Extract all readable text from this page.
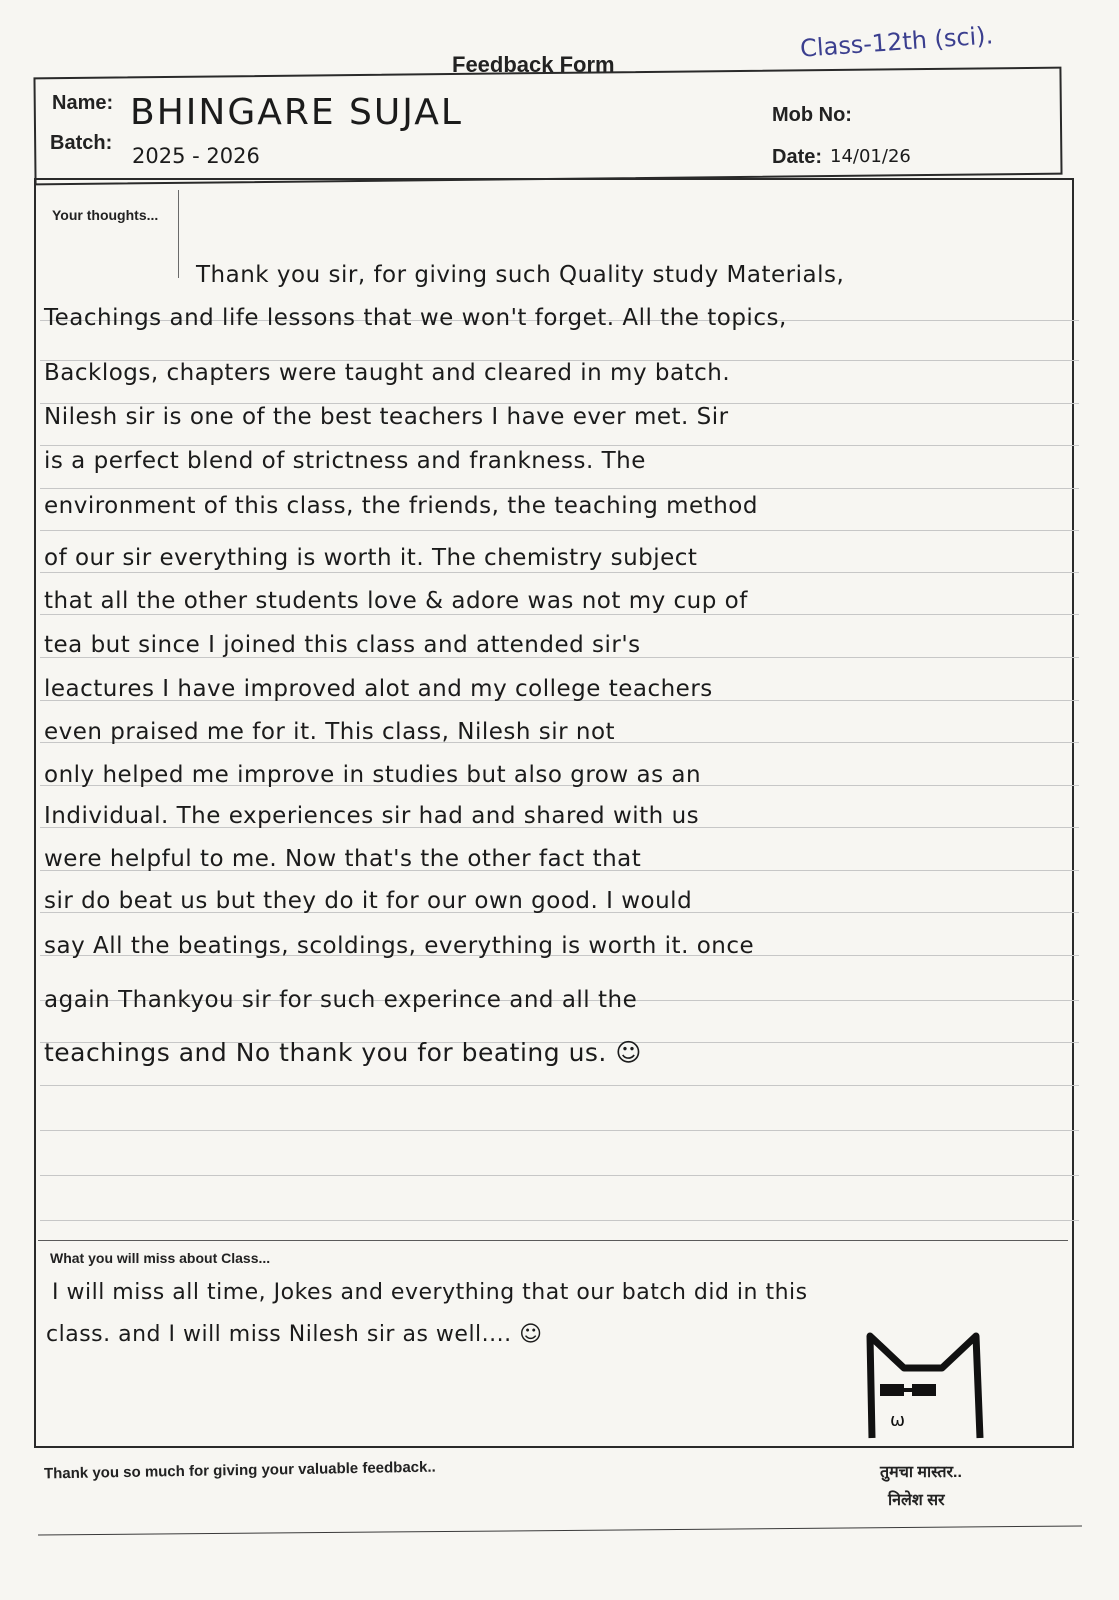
Feedback Form
Class-12th (sci).
Name: BHINGARE SUJAL
Batch:
2025 - 2026
Mob No:
Date: 14/01/26
Your thoughts...
Thank you sir, for giving such Quality study Materials,
Teachings and life lessons that we won't forget. All the topics,
Backlogs, chapters were taught and cleared in my batch.
Nilesh sir is one of the best teachers I have ever met. Sir
is a perfect blend of strictness and frankness. The
environment of this class, the friends, the teaching method
of our sir everything is worth it. The chemistry subject
that all the other students love & adore was not my cup of
tea but since I joined this class and attended sir's
leactures I have improved alot and my college teachers
even praised me for it. This class, Nilesh sir not
only helped me improve in studies but also grow as an
Individual. The experiences sir had and shared with us
were helpful to me. Now that's the other fact that
sir do beat us but they do it for our own good. I would
say All the beatings, scoldings, everything is worth it. once
again Thankyou sir for such experince and all the
teachings and No thank you for beating us. ☺
What you will miss about Class...
I will miss all time, Jokes and everything that our batch did in this
class. and I will miss Nilesh sir as well.... ☺
ω
Thank you so much for giving your valuable feedback..	तुमचा मास्तर..
निलेश सर
